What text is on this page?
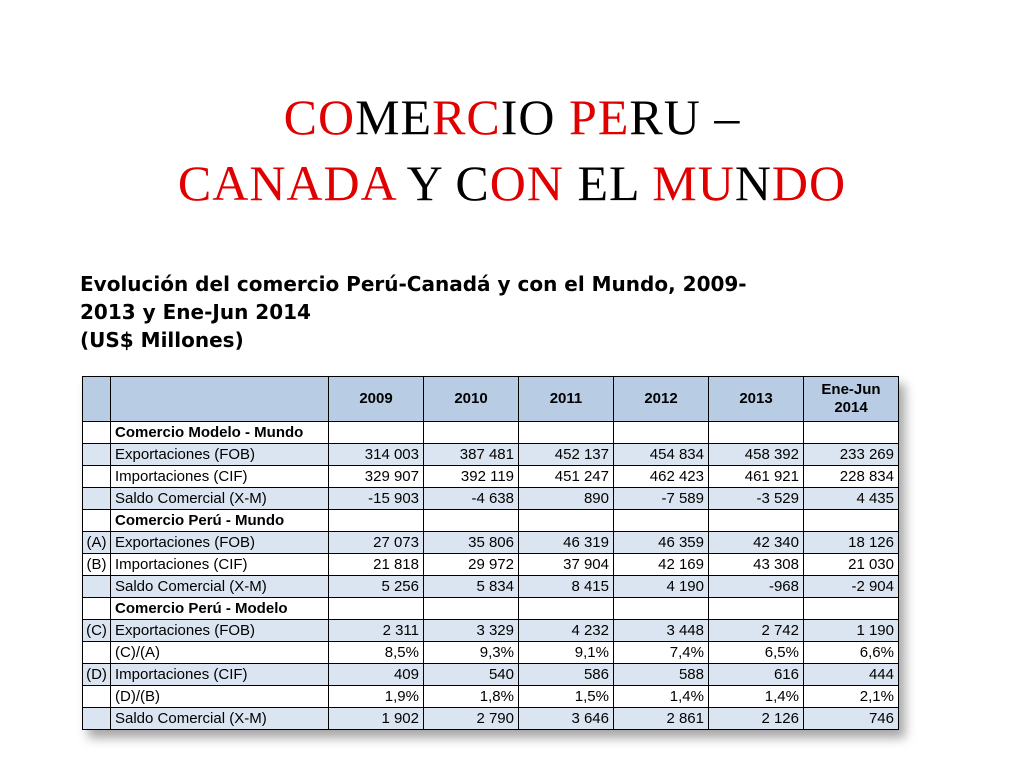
COMERCIO PERU –
CANADA Y CON EL MUNDO
Evolución del comercio Perú-Canadá y con el Mundo, 2009-
2013 y Ene-Jun 2014
(US$ Millones)
		2009	2010	2011	2012	2013	Ene-Jun 2014
	Comercio Modelo - Mundo						
	Exportaciones (FOB)	314 003	387 481	452 137	454 834	458 392	233 269
	Importaciones (CIF)	329 907	392 119	451 247	462 423	461 921	228 834
	Saldo Comercial (X-M)	-15 903	-4 638	890	-7 589	-3 529	4 435
	Comercio Perú - Mundo						
(A)	Exportaciones (FOB)	27 073	35 806	46 319	46 359	42 340	18 126
(B)	Importaciones (CIF)	21 818	29 972	37 904	42 169	43 308	21 030
	Saldo Comercial (X-M)	5 256	5 834	8 415	4 190	-968	-2 904
	Comercio Perú - Modelo						
(C)	Exportaciones (FOB)	2 311	3 329	4 232	3 448	2 742	1 190
	(C)/(A)	8,5%	9,3%	9,1%	7,4%	6,5%	6,6%
(D)	Importaciones (CIF)	409	540	586	588	616	444
	(D)/(B)	1,9%	1,8%	1,5%	1,4%	1,4%	2,1%
	Saldo Comercial (X-M)	1 902	2 790	3 646	2 861	2 126	746
